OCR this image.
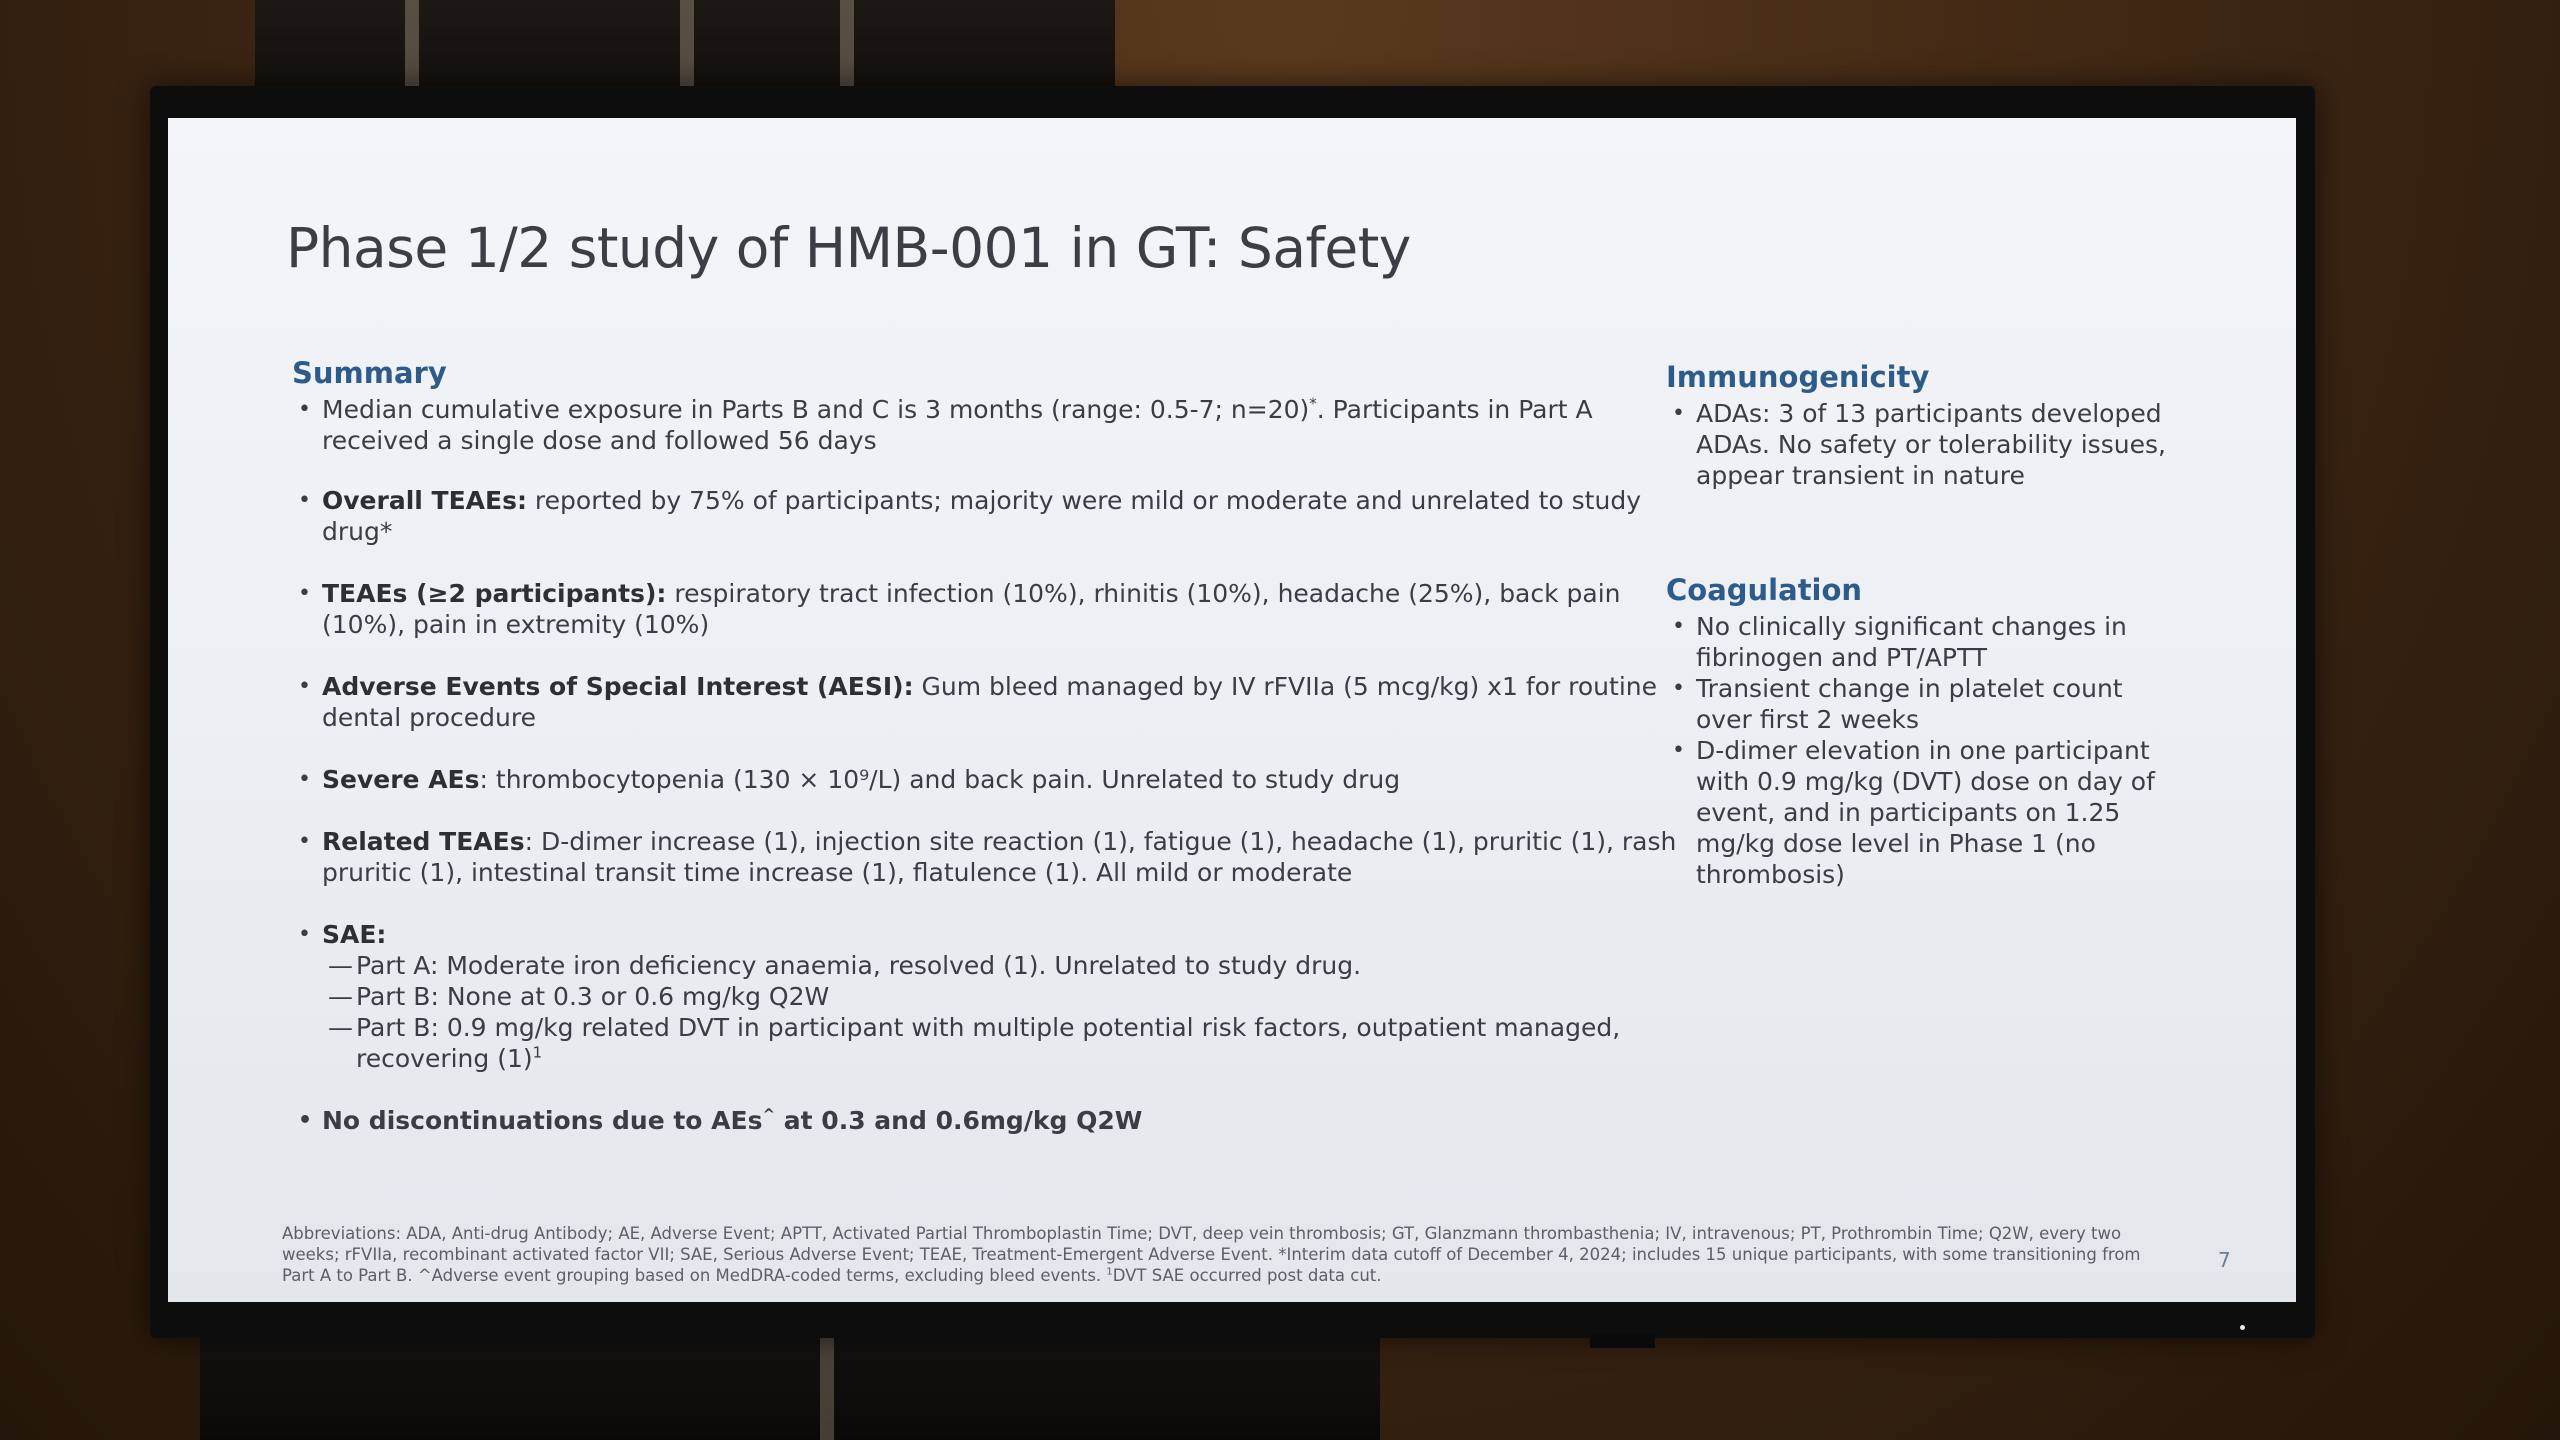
Phase 1/2 study of HMB-001 in GT: Safety
Summary
• Median cumulative exposure in Parts B and C is 3 months (range: 0.5-7; n=20)*. Participants in Part A received a single dose and followed 56 days
• Overall TEAEs: reported by 75% of participants; majority were mild or moderate and unrelated to study drug*
• TEAEs (≥2 participants): respiratory tract infection (10%), rhinitis (10%), headache (25%), back pain (10%), pain in extremity (10%)
• Adverse Events of Special Interest (AESI): Gum bleed managed by IV rFVIIa (5 mcg/kg) x1 for routine dental procedure
• Severe AEs: thrombocytopenia (130 × 10⁹/L) and back pain. Unrelated to study drug
• Related TEAEs: D-dimer increase (1), injection site reaction (1), fatigue (1), headache (1), pruritic (1), rash pruritic (1), intestinal transit time increase (1), flatulence (1). All mild or moderate
• SAE:
— Part A: Moderate iron deficiency anaemia, resolved (1). Unrelated to study drug.
— Part B: None at 0.3 or 0.6 mg/kg Q2W
— Part B: 0.9 mg/kg related DVT in participant with multiple potential risk factors, outpatient managed, recovering $(1)^1$
• No discontinuations due to AEs^ at 0.3 and 0.6mg/kg Q2W
Immunogenicity
• ADAs: 3 of 13 participants developed ADAs. No safety or tolerability issues, appear transient in nature
Coagulation
• No clinically significant changes in fibrinogen and PT/APTT
• Transient change in platelet count over first 2 weeks
• D-dimer elevation in one participant with 0.9 mg/kg (DVT) dose on day of event, and in participants on 1.25 mg/kg dose level in Phase 1 (no thrombosis)
Abbreviations: ADA, Anti-drug Antibody; AE, Adverse Event; APTT, Activated Partial Thromboplastin Time; DVT, deep vein thrombosis; GT, Glanzmann thrombasthenia; IV, intravenous; PT, Prothrombin Time; Q2W, every two weeks; rFVIIa, recombinant activated factor VII; SAE, Serious Adverse Event; TEAE, Treatment-Emergent Adverse Event. *Interim data cutoff of December 4, 2024; includes 15 unique participants, with some transitioning from Part A to Part B. ^Adverse event grouping based on MedDRA-coded terms, excluding bleed events. $^1$DVT SAE occurred post data cut.
7
